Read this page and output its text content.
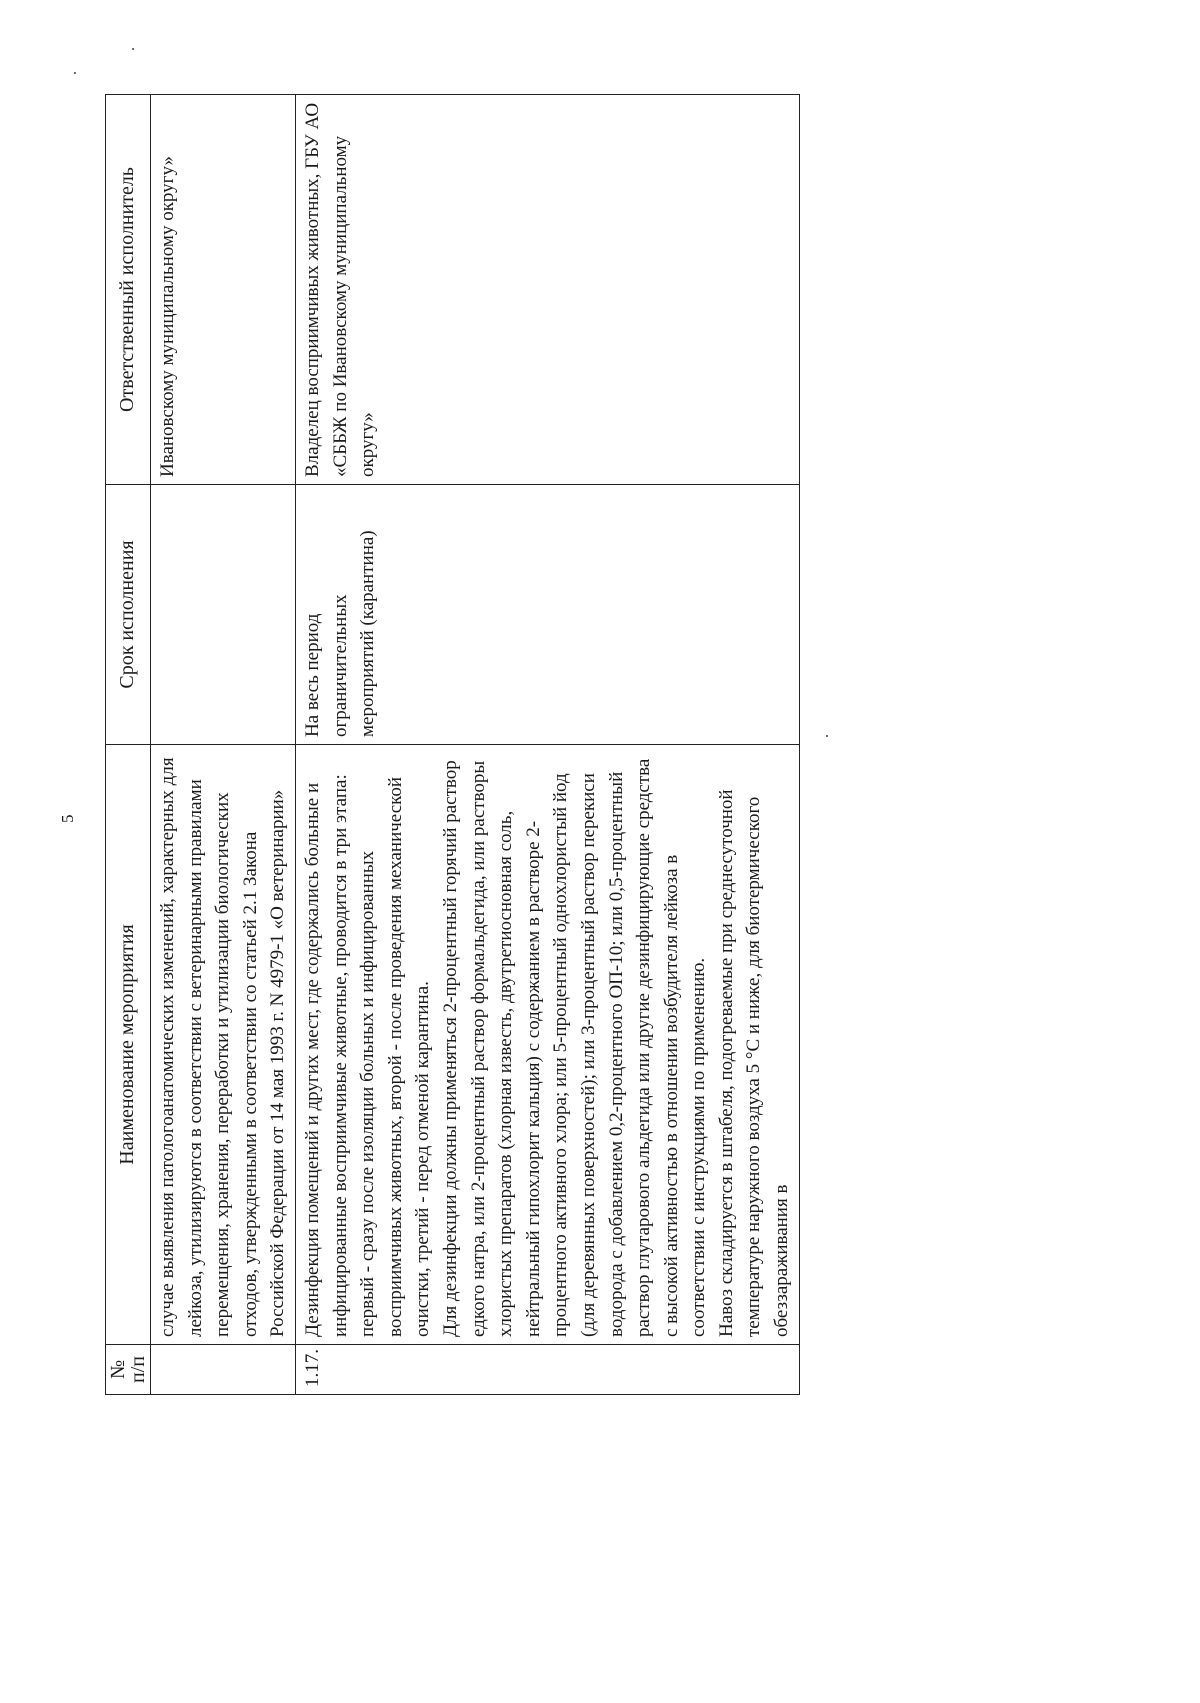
5
№
п/п	Наименование мероприятия	Срок исполнения	Ответственный исполнитель
	случае выявления патологоанатомических изменений, характерных для лейкоза, утилизируются в соответствии с ветеринарными правилами перемещения, хранения, переработки и утилизации биологических отходов, утвержденными в соответствии со статьей 2.1 Закона Российской Федерации от 14 мая 1993 г. N 4979-1 «О ветеринарии»		Ивановскому муниципальному округу»
1.17.	Дезинфекция помещений и других мест, где содержались больные и инфицированные восприимчивые животные, проводится в три этапа: первый - сразу после изоляции больных и инфицированных восприимчивых животных, второй - после проведения механической очистки, третий - перед отменой карантина. Для дезинфекции должны применяться 2-процентный горячий раствор едкого натра, или 2-процентный раствор формальдегида, или растворы хлористых препаратов (хлорная известь, двутретиосновная соль, нейтральный гипохлорит кальция) с содержанием в растворе 2-процентного активного хлора; или 5-процентный однохлористый йод (для деревянных поверхностей); или 3-процентный раствор перекиси водорода с добавлением 0,2-процентного ОП-10; или 0,5-процентный раствор глутарового альдегида или другие дезинфицирующие средства с высокой активностью в отношении возбудителя лейкоза в соответствии с инструкциями по применению. Навоз складируется в штабеля, подогреваемые при среднесуточной температуре наружного воздуха 5 °С и ниже, для биотермического обеззараживания в	На весь период ограничительных мероприятий (карантина)	Владелец восприимчивых животных, ГБУ АО «СББЖ по Ивановскому муниципальному округу»
